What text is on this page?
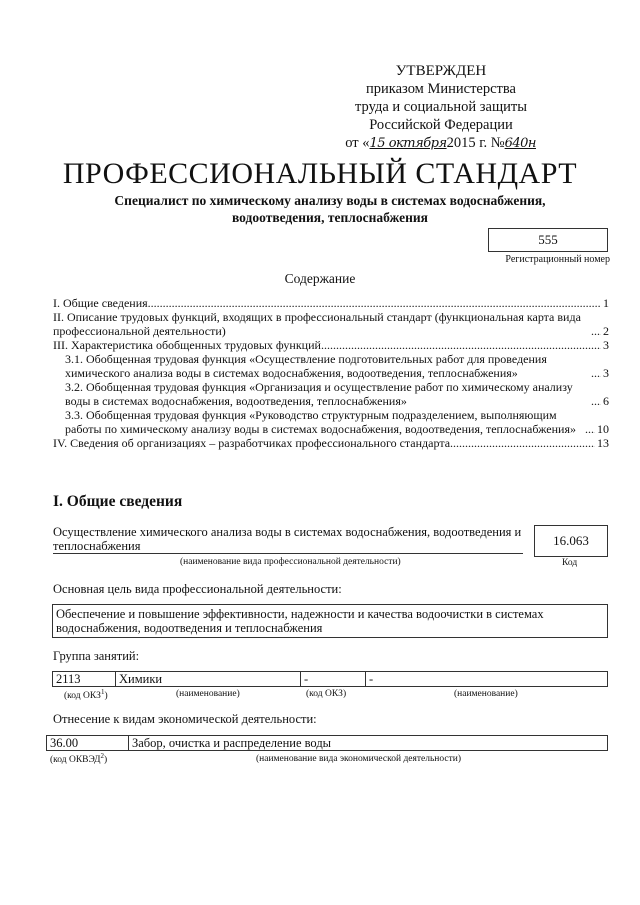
УТВЕРЖДЕН
приказом Министерства
труда и социальной защиты
Российской Федерации
от «15 октября2015 г. №640н
ПРОФЕССИОНАЛЬНЫЙ СТАНДАРТ
Специалист по химическому анализу воды в системах водоснабжения,
водоотведения, теплоснабжения
555
Регистрационный номер
Содержание
I. Общие сведения .....	1
II. Описание трудовых функций, входящих в профессиональный стандарт (функциональная карта вида профессиональной деятельности) .....	2
III. Характеристика обобщенных трудовых функций .....	3
3.1. Обобщенная трудовая функция «Осуществление подготовительных работ для проведения химического анализа воды в системах водоснабжения, водоотведения, теплоснабжения» .....	3
3.2. Обобщенная трудовая функция «Организация и осуществление работ по химическому анализу воды в системах водоснабжения, водоотведения, теплоснабжения» .....	6
3.3. Обобщенная трудовая функция «Руководство структурным подразделением, выполняющим работы по химическому анализу воды в системах водоснабжения, водоотведения, теплоснабжения» .....	10
IV. Сведения об организациях – разработчиках профессионального стандарта .....	13
I. Общие сведения
Осуществление химического анализа воды в системах водоснабжения, водоотведения и теплоснабжения
(наименование вида профессиональной деятельности)
16.063
Код
Основная цель вида профессиональной деятельности:
Обеспечение и повышение эффективности, надежности и качества водоочистки в системах водоснабжения, водоотведения и теплоснабжения
Группа занятий:
2113	Химики	-	-
(код ОКЗ$^1$)	(наименование)	(код ОКЗ)	(наименование)
Отнесение к видам экономической деятельности:
36.00	Забор, очистка и распределение воды
(код ОКВЭД$^2$)	(наименование вида экономической деятельности)
